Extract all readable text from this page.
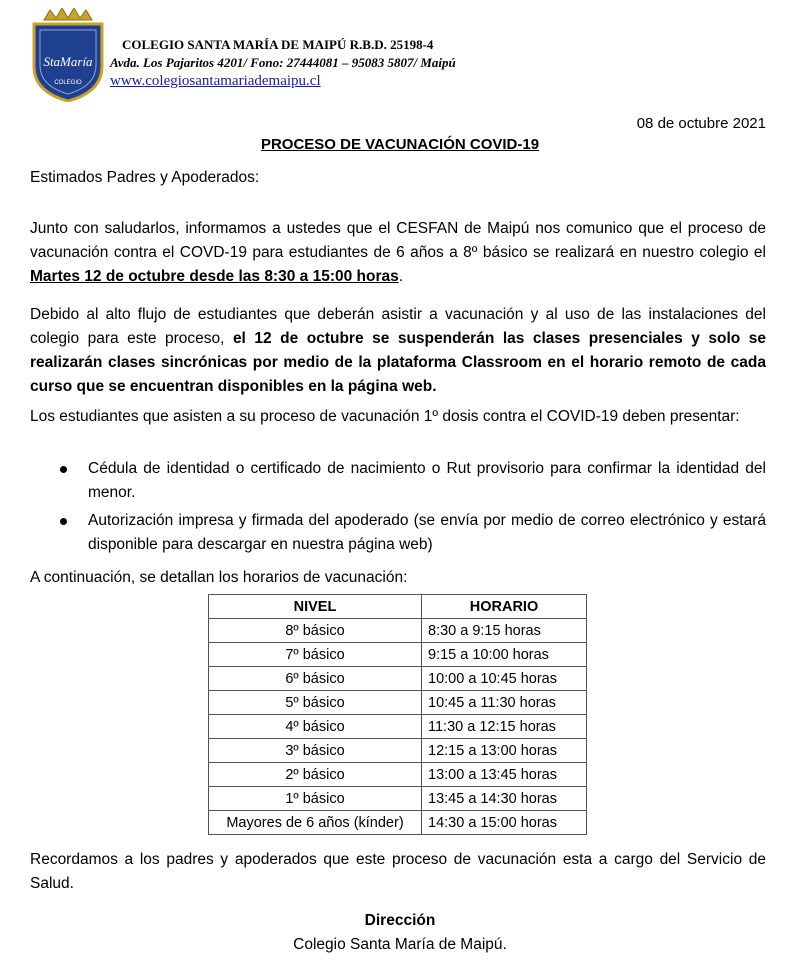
StaMaría
COLEGIO
COLEGIO SANTA MARÍA DE MAIPÚ R.B.D. 25198-4
Avda. Los Pajaritos 4201/ Fono: 27444081 – 95083 5807/ Maipú
www.colegiosantamariademaipu.cl
08 de octubre 2021
PROCESO DE VACUNACIÓN COVID-19
Estimados Padres y Apoderados:
Junto con saludarlos, informamos a ustedes que el CESFAN de Maipú nos comunico que el proceso de vacunación contra el COVD-19 para estudiantes de 6 años a 8º básico se realizará en nuestro colegio el Martes 12 de octubre desde las 8:30 a 15:00 horas.
Debido al alto flujo de estudiantes que deberán asistir a vacunación y al uso de las instalaciones del colegio para este proceso, el 12 de octubre se suspenderán las clases presenciales y solo se realizarán clases sincrónicas por medio de la plataforma Classroom en el horario remoto de cada curso que se encuentran disponibles en la página web.
Los estudiantes que asisten a su proceso de vacunación 1º dosis contra el COVID-19 deben presentar:
Cédula de identidad o certificado de nacimiento o Rut provisorio para confirmar la identidad del menor.
Autorización impresa y firmada del apoderado (se envía por medio de correo electrónico y estará disponible para descargar en nuestra página web)
A continuación, se detallan los horarios de vacunación:
NIVEL	HORARIO
8º básico	8:30 a 9:15 horas
7º básico	9:15 a 10:00 horas
6º básico	10:00 a 10:45 horas
5º básico	10:45 a 11:30 horas
4º básico	11:30 a 12:15 horas
3º básico	12:15 a 13:00 horas
2º básico	13:00 a 13:45 horas
1º básico	13:45 a 14:30 horas
Mayores de 6 años (kínder)	14:30 a 15:00 horas
Recordamos a los padres y apoderados que este proceso de vacunación esta a cargo del Servicio de Salud.
Dirección
Colegio Santa María de Maipú.
